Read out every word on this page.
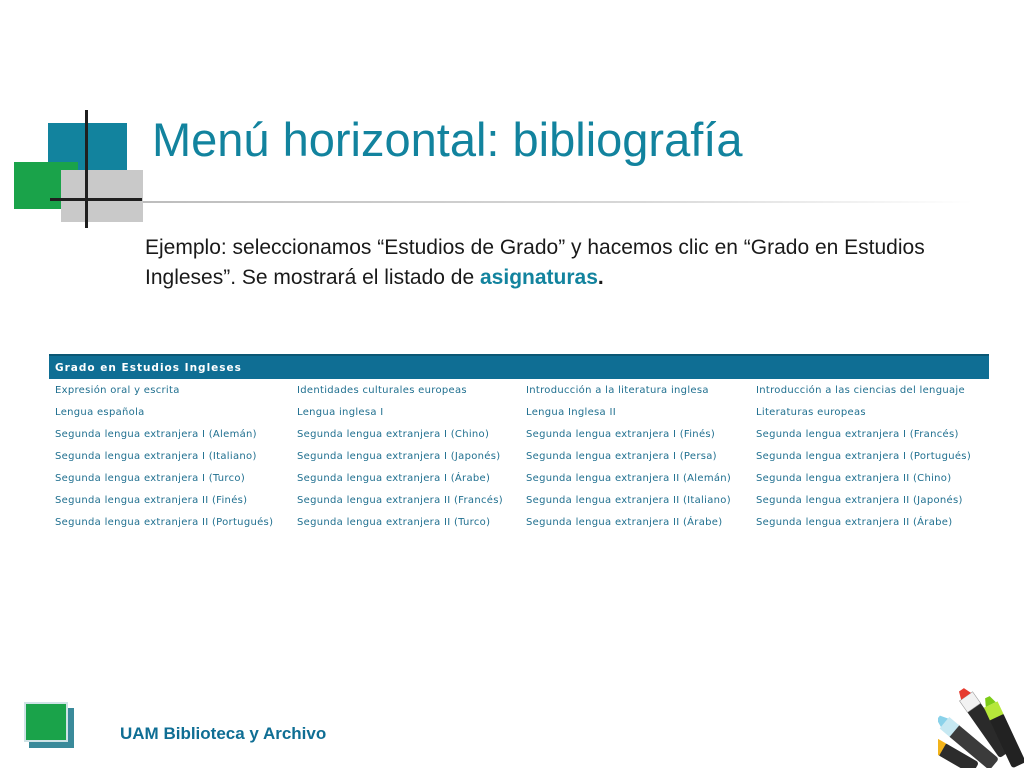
Menú horizontal: bibliografía

Ejemplo: seleccionamos “Estudios de Grado” y hacemos clic en “Grado en Estudios Ingleses”. Se mostrará el listado de asignaturas.

Grado en Estudios Ingleses
Expresión oral y escrita	Identidades culturales europeas	Introducción a la literatura inglesa	Introducción a las ciencias del lenguaje
Lengua española	Lengua inglesa I	Lengua Inglesa II	Literaturas europeas
Segunda lengua extranjera I (Alemán)	Segunda lengua extranjera I (Chino)	Segunda lengua extranjera I (Finés)	Segunda lengua extranjera I (Francés)
Segunda lengua extranjera I (Italiano)	Segunda lengua extranjera I (Japonés)	Segunda lengua extranjera I (Persa)	Segunda lengua extranjera I (Portugués)
Segunda lengua extranjera I (Turco)	Segunda lengua extranjera I (Árabe)	Segunda lengua extranjera II (Alemán)	Segunda lengua extranjera II (Chino)
Segunda lengua extranjera II (Finés)	Segunda lengua extranjera II (Francés)	Segunda lengua extranjera II (Italiano)	Segunda lengua extranjera II (Japonés)
Segunda lengua extranjera II (Portugués)	Segunda lengua extranjera II (Turco)	Segunda lengua extranjera II (Árabe)	Segunda lengua extranjera II (Árabe)

UAM Biblioteca y Archivo
